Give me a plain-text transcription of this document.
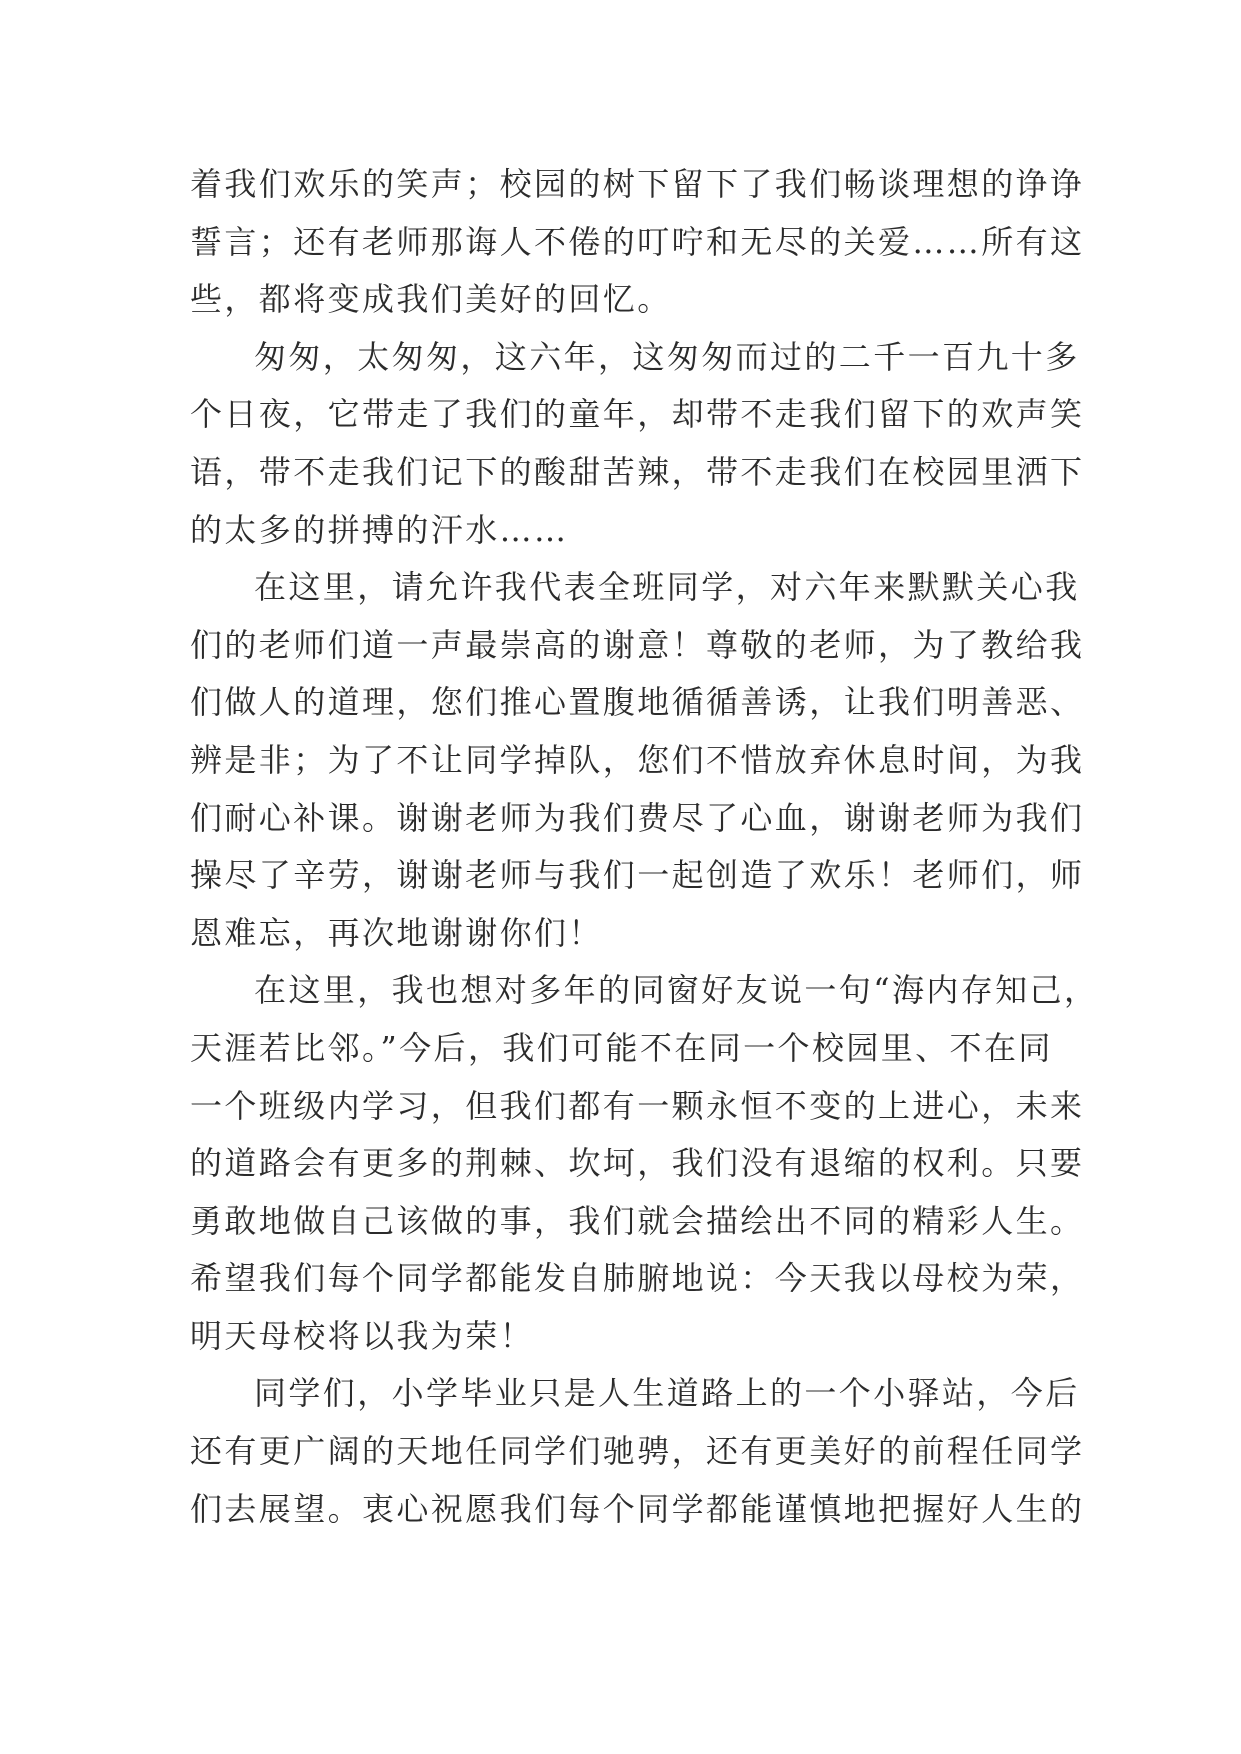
着我们欢乐的笑声；校园的树下留下了我们畅谈理想的诤诤
誓言；还有老师那诲人不倦的叮咛和无尽的关爱……所有这
些，都将变成我们美好的回忆。
匆匆，太匆匆，这六年，这匆匆而过的二千一百九十多
个日夜，它带走了我们的童年，却带不走我们留下的欢声笑
语，带不走我们记下的酸甜苦辣，带不走我们在校园里洒下
的太多的拼搏的汗水……
在这里，请允许我代表全班同学，对六年来默默关心我
们的老师们道一声最崇高的谢意！尊敬的老师，为了教给我
们做人的道理，您们推心置腹地循循善诱，让我们明善恶、
辨是非；为了不让同学掉队，您们不惜放弃休息时间，为我
们耐心补课。谢谢老师为我们费尽了心血，谢谢老师为我们
操尽了辛劳，谢谢老师与我们一起创造了欢乐！老师们，师
恩难忘，再次地谢谢你们！
在这里，我也想对多年的同窗好友说一句“海内存知己，
天涯若比邻。”今后，我们可能不在同一个校园里、不在同
一个班级内学习，但我们都有一颗永恒不变的上进心，未来
的道路会有更多的荆棘、坎坷，我们没有退缩的权利。只要
勇敢地做自己该做的事，我们就会描绘出不同的精彩人生。
希望我们每个同学都能发自肺腑地说：今天我以母校为荣，
明天母校将以我为荣！
同学们，小学毕业只是人生道路上的一个小驿站，今后
还有更广阔的天地任同学们驰骋，还有更美好的前程任同学
们去展望。衷心祝愿我们每个同学都能谨慎地把握好人生的
